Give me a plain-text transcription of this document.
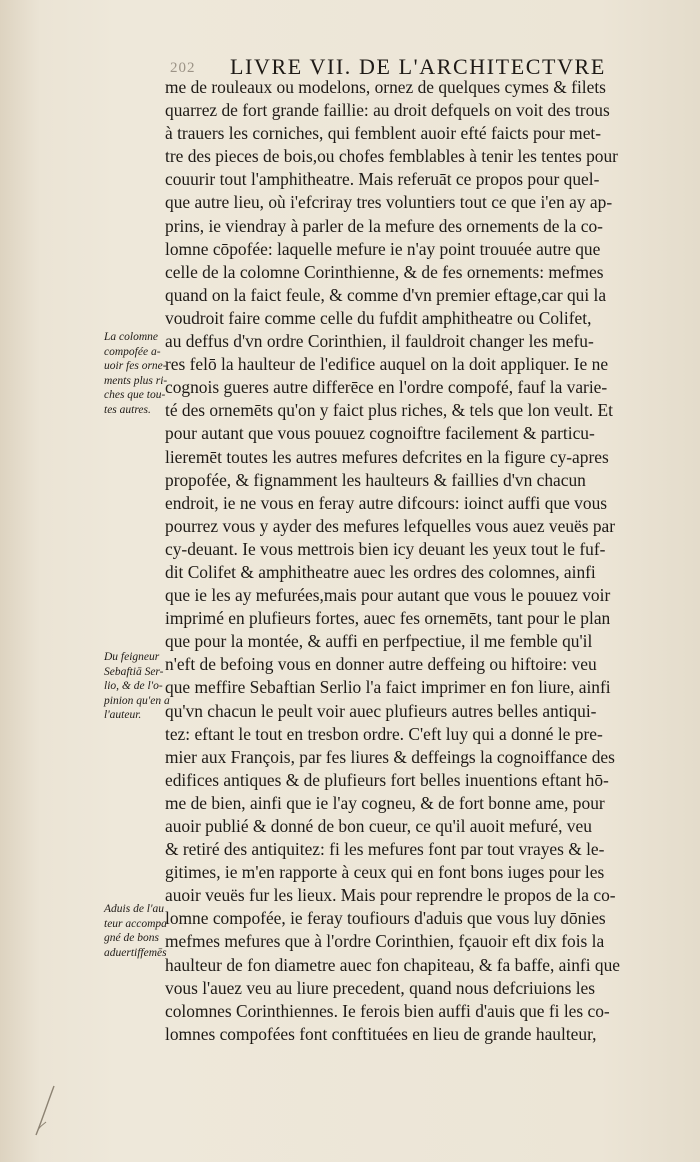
202 LIVRE VII. DE L'ARCHITECTVRE
me de rouleaux ou modelons, ornez de quelques cymes & filets
quarrez de fort grande faillie: au droit defquels on voit des trous
à trauers les corniches, qui femblent auoir efté faicts pour met-
tre des pieces de bois,ou chofes femblables à tenir les tentes pour
couurir tout l'amphitheatre. Mais referuāt ce propos pour quel-
que autre lieu, où i'efcriray tres voluntiers tout ce que i'en ay ap-
prins, ie viendray à parler de la mefure des ornements de la co-
lomne cōpofée: laquelle mefure ie n'ay point trouuée autre que
celle de la colomne Corinthienne, & de fes ornements: mefmes
quand on la faict feule, & comme d'vn premier eftage,car qui la
voudroit faire comme celle du fufdit amphitheatre ou Colifet,
au deffus d'vn ordre Corinthien, il fauldroit changer les mefu-
res felō la haulteur de l'edifice auquel on la doit appliquer. Ie ne
cognois gueres autre differēce en l'ordre compofé, fauf la varie-
té des ornemēts qu'on y faict plus riches, & tels que lon veult. Et
pour autant que vous pouuez cognoiftre facilement & particu-
lieremēt toutes les autres mefures defcrites en la figure cy-apres
propofée, & fignamment les haulteurs & faillies d'vn chacun
endroit, ie ne vous en feray autre difcours: ioinct auffi que vous
pourrez vous y ayder des mefures lefquelles vous auez veuës par
cy-deuant. Ie vous mettrois bien icy deuant les yeux tout le fuf-
dit Colifet & amphitheatre auec les ordres des colomnes, ainfi
que ie les ay mefurées,mais pour autant que vous le pouuez voir
imprimé en plufieurs fortes, auec fes ornemēts, tant pour le plan
que pour la montée, & auffi en perfpectiue, il me femble qu'il
n'eft de befoing vous en donner autre deffeing ou hiftoire: veu
que meffire Sebaftian Serlio l'a faict imprimer en fon liure, ainfi
qu'vn chacun le peult voir auec plufieurs autres belles antiqui-
tez: eftant le tout en tresbon ordre. C'eft luy qui a donné le pre-
mier aux François, par fes liures & deffeings la cognoiffance des
edifices antiques & de plufieurs fort belles inuentions eftant hō-
me de bien, ainfi que ie l'ay cogneu, & de fort bonne ame, pour
auoir publié & donné de bon cueur, ce qu'il auoit mefuré, veu
& retiré des antiquitez: fi les mefures font par tout vrayes & le-
gitimes, ie m'en rapporte à ceux qui en font bons iuges pour les
auoir veuës fur les lieux. Mais pour reprendre le propos de la co-
lomne compofée, ie feray toufiours d'aduis que vous luy dōnies
mefmes mefures que à l'ordre Corinthien, fçauoir eft dix fois la
haulteur de fon diametre auec fon chapiteau, & fa baffe, ainfi que
vous l'auez veu au liure precedent, quand nous defcriuions les
colomnes Corinthiennes. Ie ferois bien auffi d'auis que fi les co-
lomnes compofées font conftituées en lieu de grande haulteur,
La colomne
compofée a-
uoir fes orne-
ments plus ri-
ches que tou-
tes autres.
Du feigneur
Sebaftiā Ser-
lio, & de l'o-
pinion qu'en a
l'auteur.
Aduis de l'au
teur accompa
gné de bons
aduertiffemēs
